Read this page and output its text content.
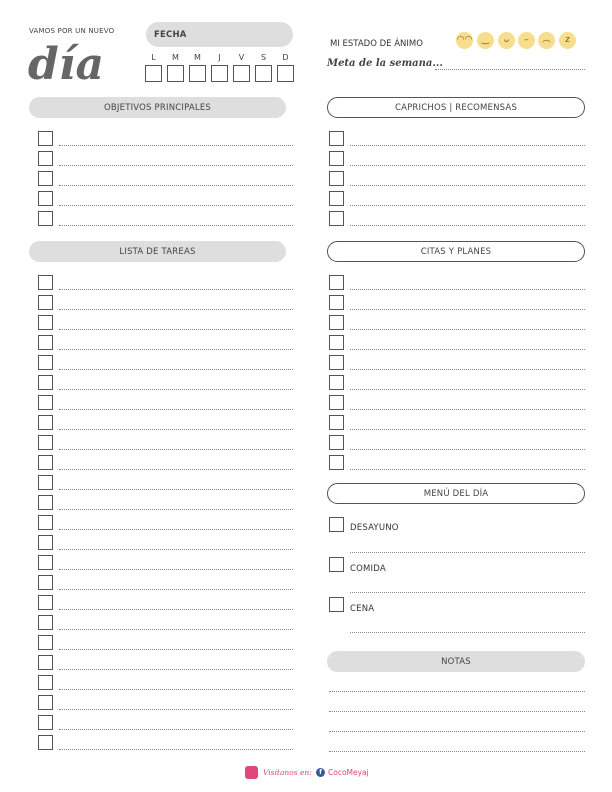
VAMOS POR UN NUEVO
día
FECHA
L	M	M	J	V	S	D
MI ESTADO DE ÁNIMO	◠◠	‿	ᴗ	–	︵	z
Meta de la semana...
OBJETIVOS PRINCIPALES	CAPRICHOS | RECOMENSAS
LISTA DE TAREAS	CITAS Y PLANES
MENÚ DEL DÍA
NOTAS
DESAYUNO
COMIDA
CENA
Visítanos en:	f CocoMeyaj
